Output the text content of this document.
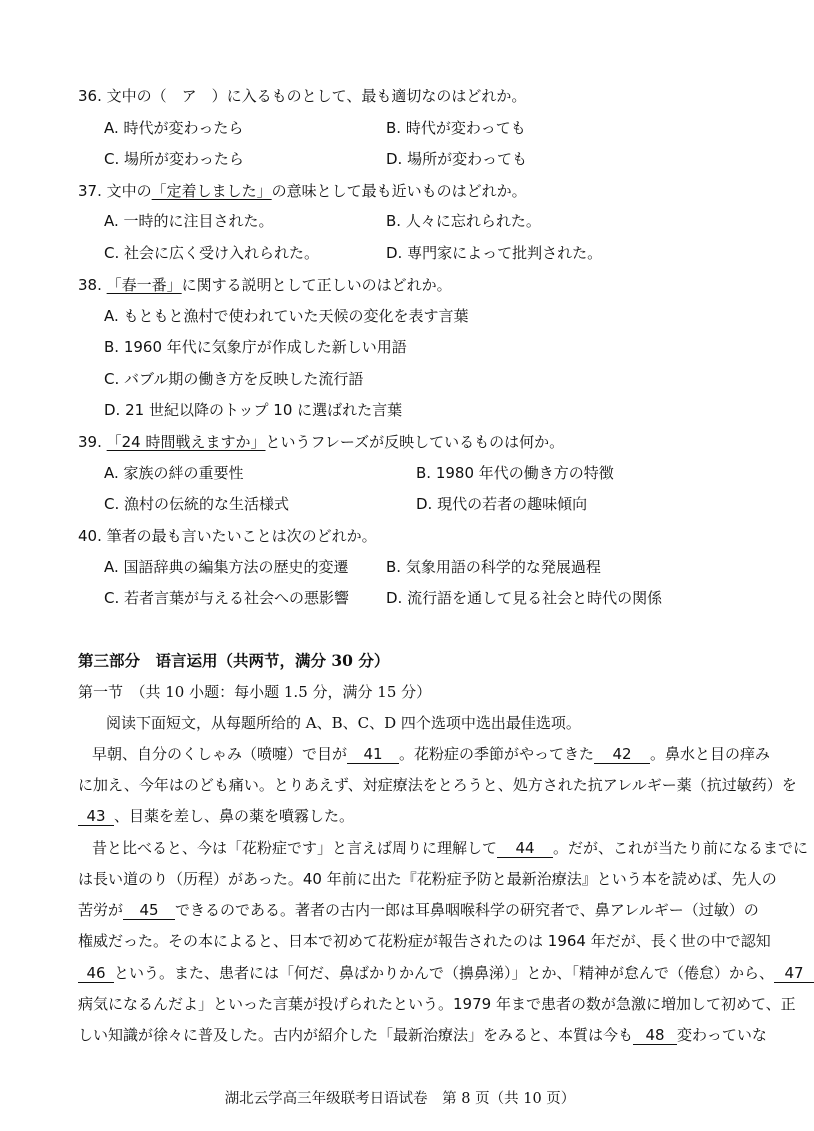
36. 文中の（　ア　）に入るものとして、最も適切なのはどれか。
A. 時代が変わったら	B. 時代が変わっても
C. 場所が変わったら	D. 場所が変わっても
37. 文中の「定着しました」の意味として最も近いものはどれか。
A. 一時的に注目された。	B. 人々に忘れられた。
C. 社会に広く受け入れられた。	D. 専門家によって批判された。
38. 「春一番」に関する説明として正しいのはどれか。
A. もともと漁村で使われていた天候の変化を表す言葉
B. 1960 年代に気象庁が作成した新しい用語
C. バブル期の働き方を反映した流行語
D. 21 世紀以降のトップ 10 に選ばれた言葉
39. 「24 時間戦えますか」というフレーズが反映しているものは何か。
A. 家族の絆の重要性	B. 1980 年代の働き方の特徴
C. 漁村の伝統的な生活様式	D. 現代の若者の趣味傾向
40. 筆者の最も言いたいことは次のどれか。
A. 国語辞典の編集方法の歴史的変遷 B. 気象用語の科学的な発展過程
C. 若者言葉が与える社会への悪影響 D. 流行語を通して見る社会と時代の関係
第三部分　语言运用（共两节，满分 30 分）
第一节　（共 10 小题：每小题 1.5 分，满分 15 分）
阅读下面短文，从每题所给的 A、B、C、D 四个选项中选出最佳选项。
早朝、自分のくしゃみ（喷嚏）で目が 41 。花粉症の季節がやってきた 42 。鼻水と目の痒み
に加え、今年はのども痛い。とりあえず、対症療法をとろうと、処方された抗アレルギー薬（抗过敏药）を
43 、目薬を差し、鼻の薬を噴霧した。
昔と比べると、今は「花粉症です」と言えば周りに理解して 44 。だが、これが当たり前になるまでに
は長い道のり（历程）があった。40 年前に出た『花粉症予防と最新治療法』という本を読めば、先人の
苦労が 45 できるのである。著者の古内一郎は耳鼻咽喉科学の研究者で、鼻アレルギー（过敏）の
権威だった。その本によると、日本で初めて花粉症が報告されたのは 1964 年だが、長く世の中で認知
46 という。また、患者には「何だ、鼻ばかりかんで（擤鼻涕）」とか、「精神が怠んで（倦怠）から、 47
病気になるんだよ」といった言葉が投げられたという。1979 年まで患者の数が急激に増加して初めて、正
しい知識が徐々に普及した。古内が紹介した「最新治療法」をみると、本質は今も 48 変わっていな
湖北云学高三年级联考日语试卷　第 8 页（共 10 页）
